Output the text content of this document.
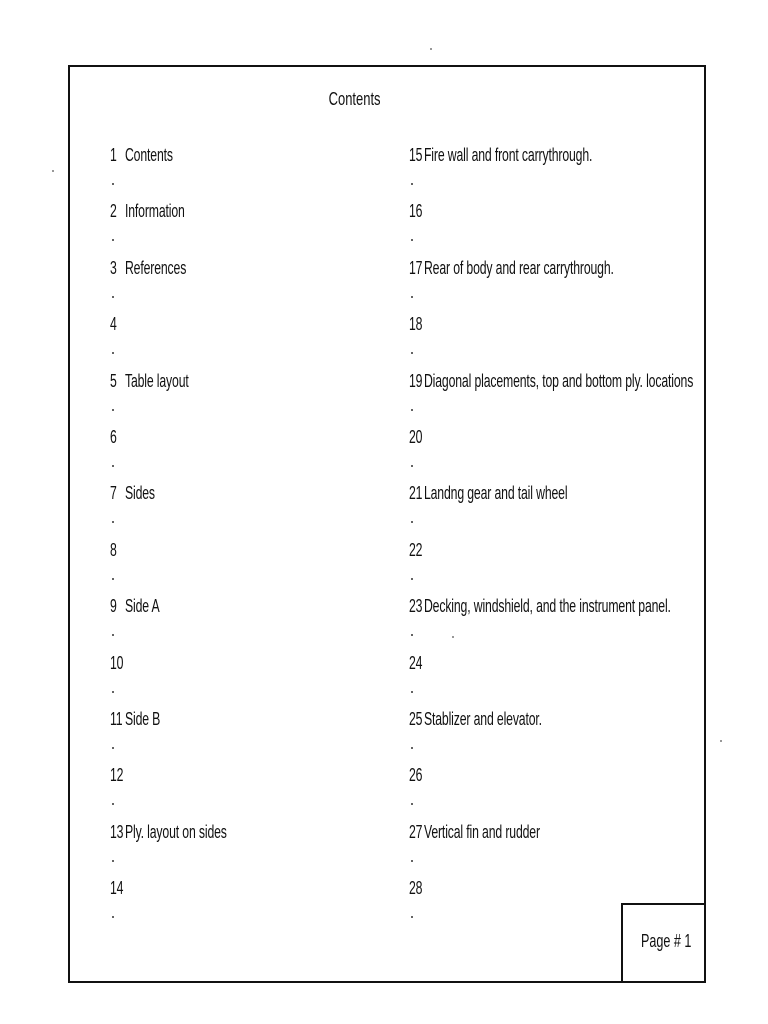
Contents
1 Contents
2 Information
3 References
4
5 Table layout
6
7 Sides
8
9 Side A
10
11 Side B
12
13Ply. layout on sides
14
15Fire wall and front carrythrough.
16
17Rear of body and rear carrythrough.
18
19Diagonal placements, top and bottom ply. locations
20
21Landng gear and tail wheel
22
23Decking, windshield, and the instrument panel.
24
25Stablizer and elevator.
26
27Vertical fin and rudder
28
Page # 1
